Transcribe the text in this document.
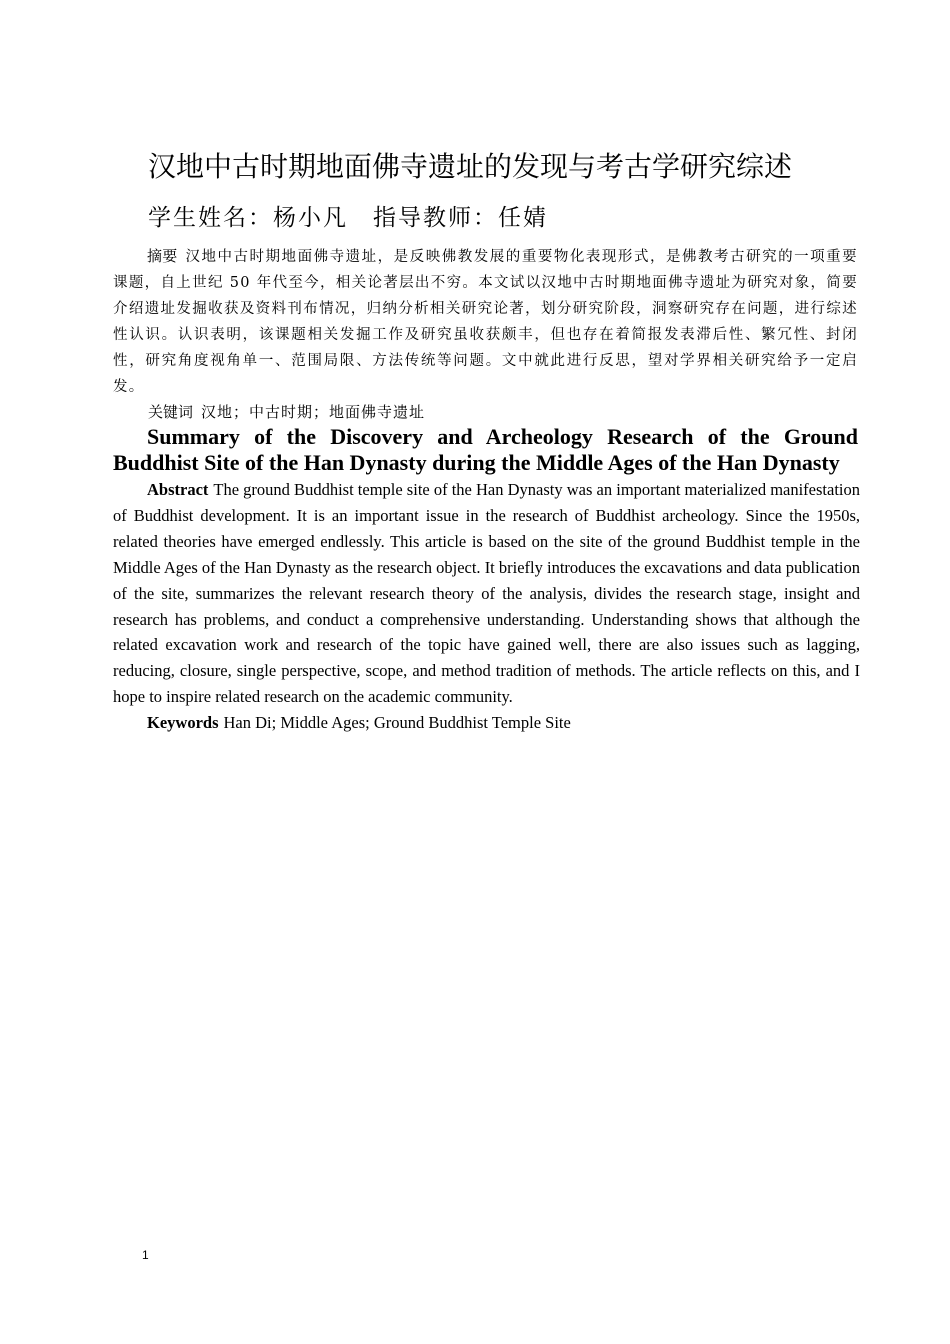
汉地中古时期地面佛寺遗址的发现与考古学研究综述
学生姓名：杨小凡　指导教师：任婧

摘要 汉地中古时期地面佛寺遗址，是反映佛教发展的重要物化表现形式，是佛教考古研究的一项重要课题，自上世纪 50 年代至今，相关论著层出不穷。本文试以汉地中古时期地面佛寺遗址为研究对象，简要介绍遗址发掘收获及资料刊布情况，归纳分析相关研究论著，划分研究阶段，洞察研究存在问题，进行综述性认识。认识表明，该课题相关发掘工作及研究虽收获颇丰，但也存在着简报发表滞后性、繁冗性、封闭性，研究角度视角单一、范围局限、方法传统等问题。文中就此进行反思，望对学界相关研究给予一定启发。

关键词 汉地；中古时期；地面佛寺遗址

Summary of the Discovery and Archeology Research of the Ground Buddhist Site of the Han Dynasty during the Middle Ages of the Han Dynasty

Abstract The ground Buddhist temple site of the Han Dynasty was an important materialized manifestation of Buddhist development. It is an important issue in the research of Buddhist archeology. Since the 1950s, related theories have emerged endlessly. This article is based on the site of the ground Buddhist temple in the Middle Ages of the Han Dynasty as the research object. It briefly introduces the excavations and data publication of the site, summarizes the relevant research theory of the analysis, divides the research stage, insight and research has problems, and conduct a comprehensive understanding. Understanding shows that although the related excavation work and research of the topic have gained well, there are also issues such as lagging, reducing, closure, single perspective, scope, and method tradition of methods. The article reflects on this, and I hope to inspire related research on the academic community.

Keywords Han Di; Middle Ages; Ground Buddhist Temple Site
1
